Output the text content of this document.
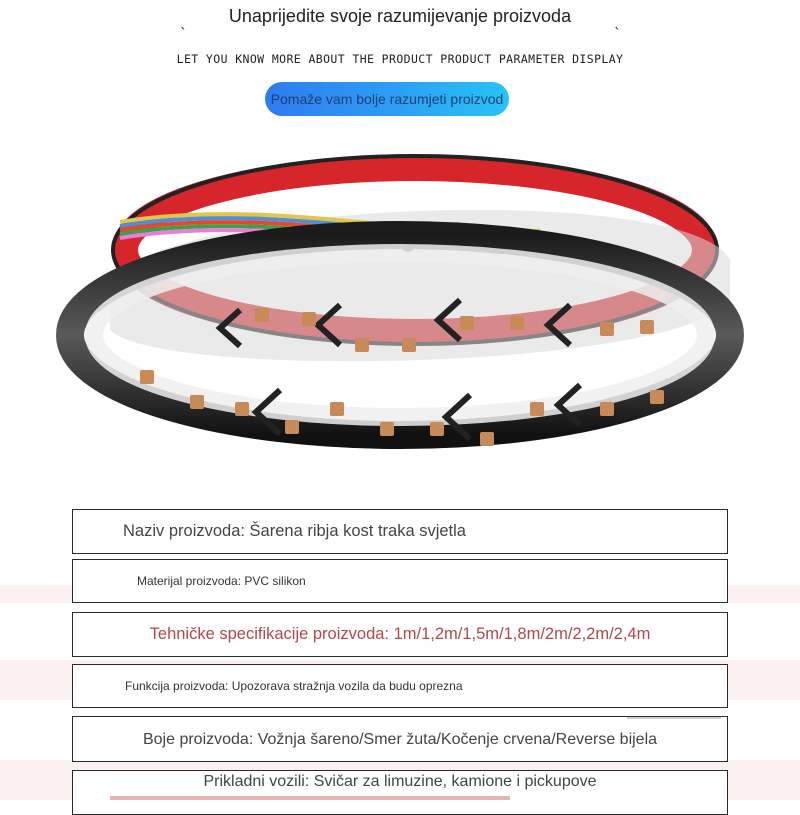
ˎ	Unaprijedite svoje razumijevanje proizvoda	ˎ
LET YOU KNOW MORE ABOUT THE PRODUCT PRODUCT PARAMETER DISPLAY
Pomaže vam bolje razumjeti proizvod
Naziv proizvoda: Šarena ribja kost traka svjetla
Materijal proizvoda: PVC silikon
Tehničke specifikacije proizvoda: 1m/1,2m/1,5m/1,8m/2m/2,2m/2,4m
Funkcija proizvoda: Upozorava stražnja vozila da budu oprezna
Boje proizvoda: Vožnja šareno/Smer žuta/Kočenje crvena/Reverse bijela
Prikladni vozili: Svičar za limuzine, kamione i pickupove
